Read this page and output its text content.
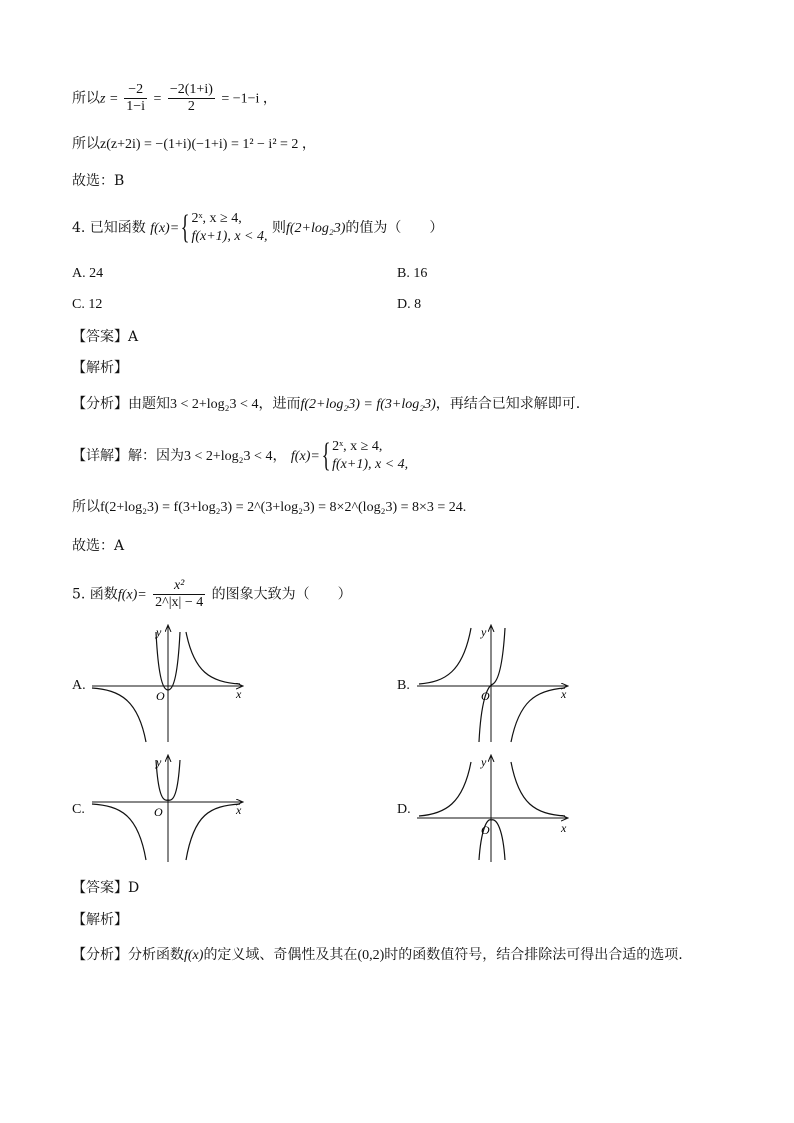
所以$z = \frac{-2}{1-i} = \frac{-2(1+i)}{2} = -1-i$ ，
所以z(z+2i) = −(1+i)(−1+i) = 1² − i² = 2 ，
故选：B
4. 已知函数 f(x)={ 2ˣ, x ≥ 4,
f(x+1), x < 4,
则f(2+log₂3)的值为（　　）
A. 24	B. 16
C. 12	D. 8
【答案】A
【解析】
【分析】由题知3 < 2+log₂3 < 4，进而f(2+log₂3) = f(3+log₂3)，再结合已知求解即可.
【详解】解：因为3 < 2+log₂3 < 4， f(x)={ 2ˣ, x ≥ 4,
f(x+1), x < 4,
所以f(2+log₂3) = f(3+log₂3) = 2^(3+log₂3) = 8×2^(log₂3) = 8×3 = 24.
故选：A
5. 函数$f(x)= \frac{\text{x²}}{2\^{}|x| - 4}$ 的图象大致为（　　）
A.	B.
C.	D.
y
x
O
y
x
O
y
x
O
y
x
O
【答案】D
【解析】
【分析】分析函数f(x)的定义域、奇偶性及其在(0,2)时的函数值符号，结合排除法可得出合适的选项.
